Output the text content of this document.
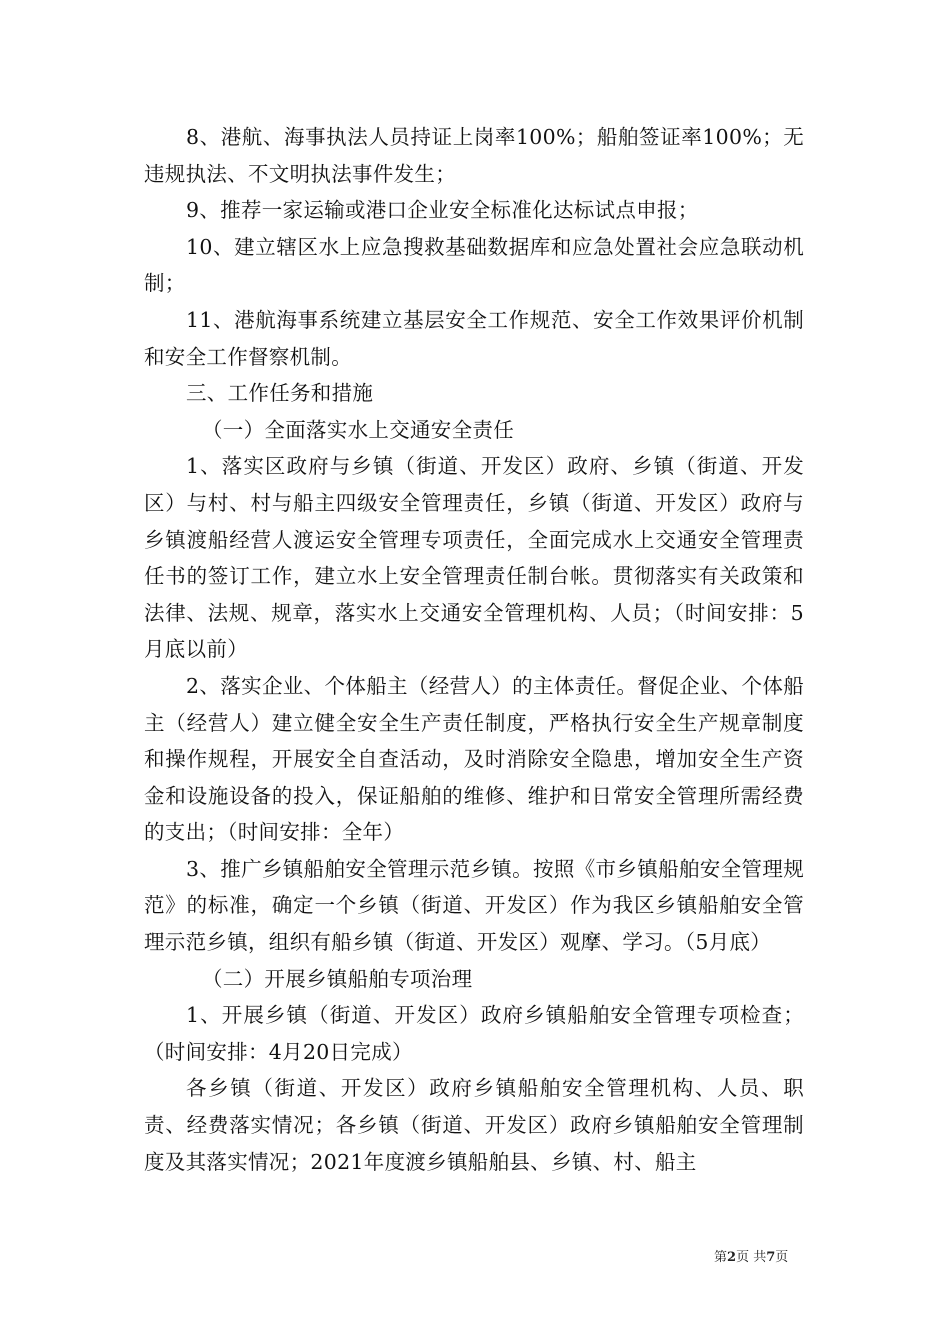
8、港航、海事执法人员持证上岗率100%；船舶签证率100%；无违规执法、不文明执法事件发生；

9、推荐一家运输或港口企业安全标准化达标试点申报；

10、建立辖区水上应急搜救基础数据库和应急处置社会应急联动机制；

11、港航海事系统建立基层安全工作规范、安全工作效果评价机制和安全工作督察机制。

三、工作任务和措施

（一）全面落实水上交通安全责任

1、落实区政府与乡镇（街道、开发区）政府、乡镇（街道、开发区）与村、村与船主四级安全管理责任，乡镇（街道、开发区）政府与乡镇渡船经营人渡运安全管理专项责任，全面完成水上交通安全管理责任书的签订工作，建立水上安全管理责任制台帐。贯彻落实有关政策和法律、法规、规章，落实水上交通安全管理机构、人员；（时间安排：5月底以前）

2、落实企业、个体船主（经营人）的主体责任。督促企业、个体船主（经营人）建立健全安全生产责任制度，严格执行安全生产规章制度和操作规程，开展安全自查活动，及时消除安全隐患，增加安全生产资金和设施设备的投入，保证船舶的维修、维护和日常安全管理所需经费的支出；（时间安排：全年）

3、推广乡镇船舶安全管理示范乡镇。按照《市乡镇船舶安全管理规范》的标准，确定一个乡镇（街道、开发区）作为我区乡镇船舶安全管理示范乡镇，组织有船乡镇（街道、开发区）观摩、学习。（5月底）

（二）开展乡镇船舶专项治理

1、开展乡镇（街道、开发区）政府乡镇船舶安全管理专项检查；（时间安排：4月20日完成）

各乡镇（街道、开发区）政府乡镇船舶安全管理机构、人员、职责、经费落实情况；各乡镇（街道、开发区）政府乡镇船舶安全管理制度及其落实情况；2021年度渡乡镇船舶县、乡镇、村、船主

第2页 共7页
